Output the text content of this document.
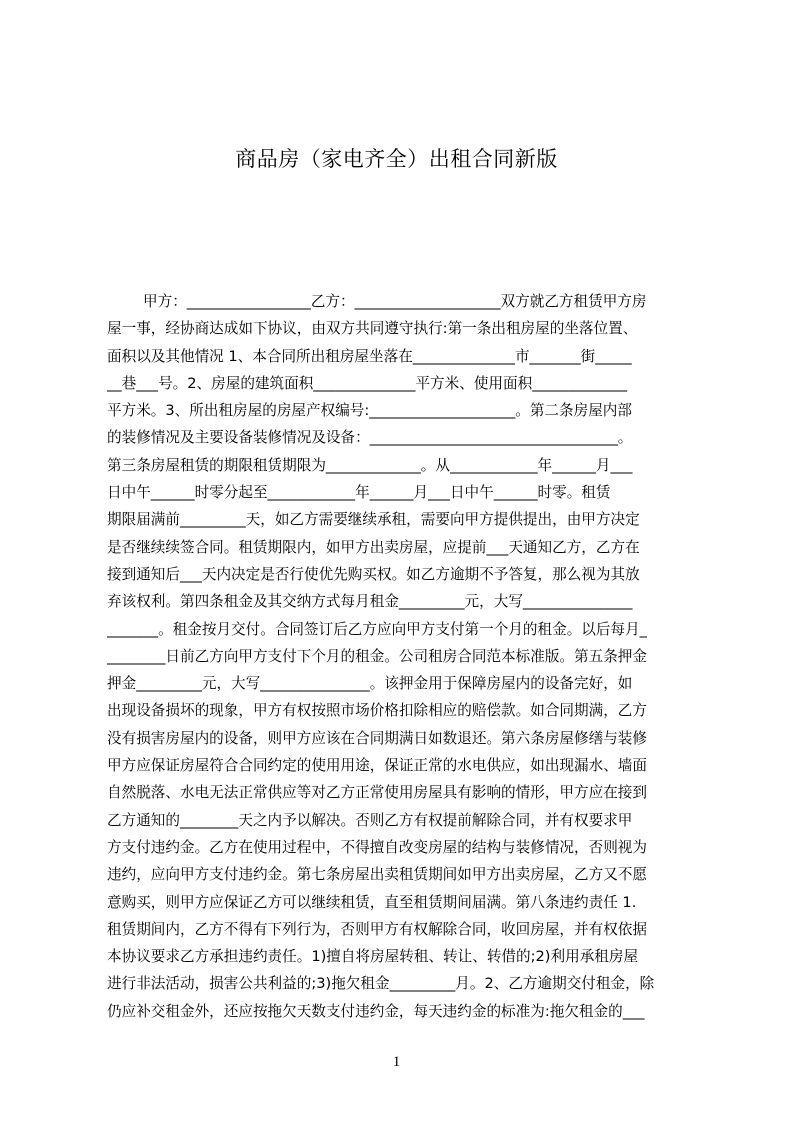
商品房（家电齐全）出租合同新版
甲方：_________________乙方：____________________双方就乙方租赁甲方房
屋一事，经协商达成如下协议，由双方共同遵守执行:第一条出租房屋的坐落位置、
面积以及其他情况 1、本合同所出租房屋坐落在______________市_______街_____
__巷___号。2、房屋的建筑面积______________平方米、使用面积_____________
平方米。3、所出租房屋的房屋产权编号:____________________。第二条房屋内部
的装修情况及主要设备装修情况及设备：__________________________________。
第三条房屋租赁的期限租赁期限为_____________。从____________年______月___
日中午______时零分起至____________年______月___日中午______时零。租赁
期限届满前_________天，如乙方需要继续承租，需要向甲方提供提出，由甲方决定
是否继续续签合同。租赁期限内，如甲方出卖房屋，应提前___天通知乙方，乙方在
接到通知后___天内决定是否行使优先购买权。如乙方逾期不予答复，那么视为其放
弃该权利。第四条租金及其交纳方式每月租金_________元，大写_______________
_______。租金按月交付。合同签订后乙方应向甲方支付第一个月的租金。以后每月_
________日前乙方向甲方支付下个月的租金。公司租房合同范本标准版。第五条押金
押金_________元，大写_______________。该押金用于保障房屋内的设备完好，如
出现设备损坏的现象，甲方有权按照市场价格扣除相应的赔偿款。如合同期满，乙方
没有损害房屋内的设备，则甲方应该在合同期满日如数退还。第六条房屋修缮与装修
甲方应保证房屋符合合同约定的使用用途，保证正常的水电供应，如出现漏水、墙面
自然脱落、水电无法正常供应等对乙方正常使用房屋具有影响的情形，甲方应在接到
乙方通知的________天之内予以解决。否则乙方有权提前解除合同，并有权要求甲
方支付违约金。乙方在使用过程中，不得擅自改变房屋的结构与装修情况，否则视为
违约，应向甲方支付违约金。第七条房屋出卖租赁期间如甲方出卖房屋，乙方又不愿
意购买，则甲方应保证乙方可以继续租赁，直至租赁期间届满。第八条违约责任 1.
租赁期间内，乙方不得有下列行为，否则甲方有权解除合同，收回房屋，并有权依据
本协议要求乙方承担违约责任。1)擅自将房屋转租、转让、转借的;2)利用承租房屋
进行非法活动，损害公共利益的;3)拖欠租金_________月。2、乙方逾期交付租金，除
仍应补交租金外，还应按拖欠天数支付违约金，每天违约金的标准为:拖欠租金的___
1
